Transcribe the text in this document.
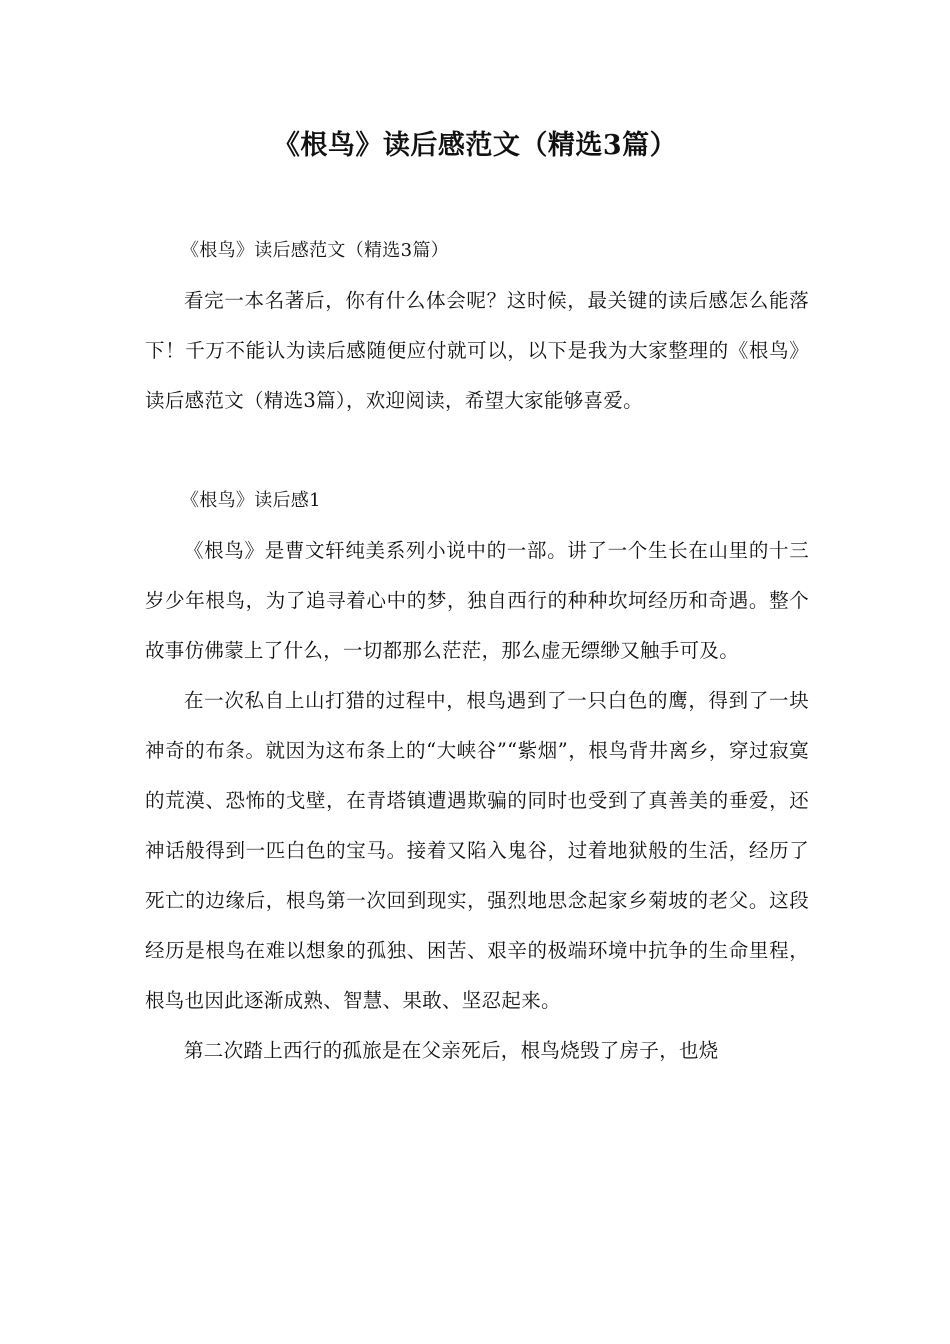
《根鸟》读后感范文（精选3篇）

《根鸟》读后感范文（精选3篇）

看完一本名著后，你有什么体会呢？这时候，最关键的读后感怎么能落下！千万不能认为读后感随便应付就可以，以下是我为大家整理的《根鸟》读后感范文（精选3篇），欢迎阅读，希望大家能够喜爱。

《根鸟》读后感1

《根鸟》是曹文轩纯美系列小说中的一部。讲了一个生长在山里的十三岁少年根鸟，为了追寻着心中的梦，独自西行的种种坎坷经历和奇遇。整个故事仿佛蒙上了什么，一切都那么茫茫，那么虚无缥缈又触手可及。

在一次私自上山打猎的过程中，根鸟遇到了一只白色的鹰，得到了一块神奇的布条。就因为这布条上的“大峡谷”“紫烟”，根鸟背井离乡，穿过寂寞的荒漠、恐怖的戈壁，在青塔镇遭遇欺骗的同时也受到了真善美的垂爱，还神话般得到一匹白色的宝马。接着又陷入鬼谷，过着地狱般的生活，经历了死亡的边缘后，根鸟第一次回到现实，强烈地思念起家乡菊坡的老父。这段经历是根鸟在难以想象的孤独、困苦、艰辛的极端环境中抗争的生命里程，根鸟也因此逐渐成熟、智慧、果敢、坚忍起来。

第二次踏上西行的孤旅是在父亲死后，根鸟烧毁了房子，也烧
